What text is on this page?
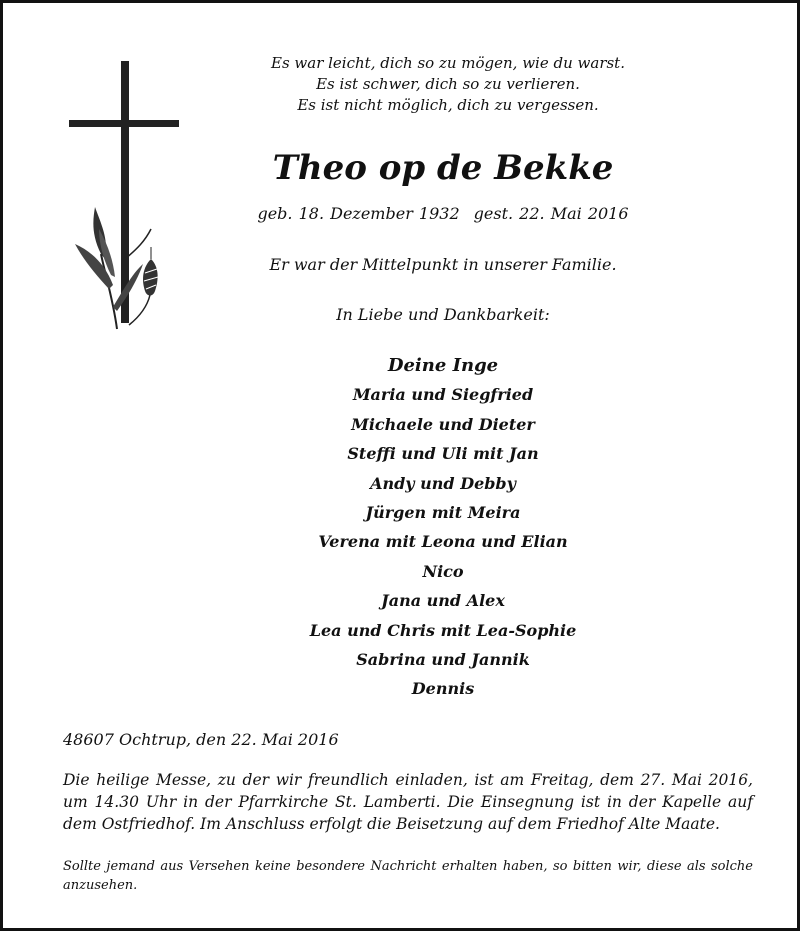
Es war leicht, dich so zu mögen, wie du warst.
Es ist schwer, dich so zu verlieren.
Es ist nicht möglich, dich zu vergessen.
Theo op de Bekke
geb. 18. Dezember 1932 gest. 22. Mai 2016
Er war der Mittelpunkt in unserer Familie.
In Liebe und Dankbarkeit:
Deine Inge
Maria und Siegfried
Michaele und Dieter
Steffi und Uli mit Jan
Andy und Debby
Jürgen mit Meira
Verena mit Leona und Elian
Nico
Jana und Alex
Lea und Chris mit Lea-Sophie
Sabrina und Jannik
Dennis
48607 Ochtrup, den 22. Mai 2016
Die heilige Messe, zu der wir freundlich einladen, ist am Freitag, dem 27. Mai 2016, um 14.30 Uhr in der Pfarrkirche St. Lamberti. Die Einsegnung ist in der Kapelle auf dem Ostfriedhof. Im Anschluss erfolgt die Beisetzung auf dem Friedhof Alte Maate.
Sollte jemand aus Versehen keine besondere Nachricht erhalten haben, so bitten wir, diese als solche anzusehen.
